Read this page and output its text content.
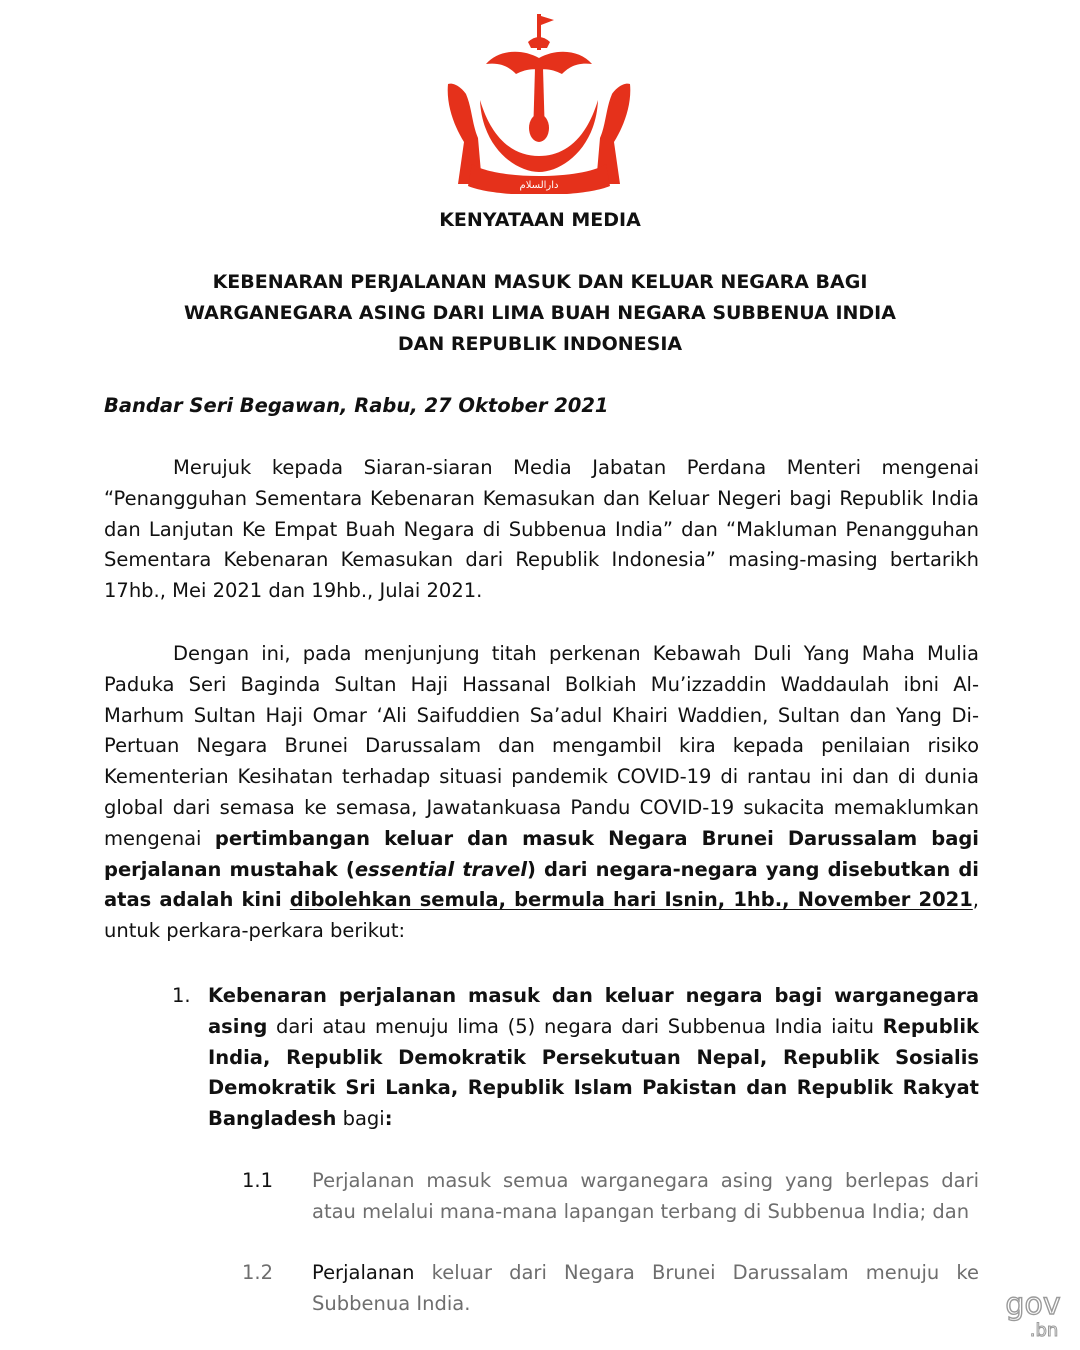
الدولة بروني
دارالسلام
KENYATAAN MEDIA
KEBENARAN PERJALANAN MASUK DAN KELUAR NEGARA BAGI
WARGANEGARA ASING DARI LIMA BUAH NEGARA SUBBENUA INDIA
DAN REPUBLIK INDONESIA
Bandar Seri Begawan, Rabu, 27 Oktober 2021

Merujuk kepada Siaran-siaran Media Jabatan Perdana Menteri mengenai “Penangguhan Sementara Kebenaran Kemasukan dan Keluar Negeri bagi Republik India dan Lanjutan Ke Empat Buah Negara di Subbenua India” dan “Makluman Penangguhan Sementara Kebenaran Kemasukan dari Republik Indonesia” masing-masing bertarikh 17hb., Mei 2021 dan 19hb., Julai 2021.

Dengan ini, pada menjunjung titah perkenan Kebawah Duli Yang Maha Mulia Paduka Seri Baginda Sultan Haji Hassanal Bolkiah Mu’izzaddin Waddaulah ibni Al-Marhum Sultan Haji Omar ‘Ali Saifuddien Sa’adul Khairi Waddien, Sultan dan Yang Di-Pertuan Negara Brunei Darussalam dan mengambil kira kepada penilaian risiko Kementerian Kesihatan terhadap situasi pandemik COVID-19 di rantau ini dan di dunia global dari semasa ke semasa, Jawatankuasa Pandu COVID-19 sukacita memaklumkan mengenai pertimbangan keluar dan masuk Negara Brunei Darussalam bagi perjalanan mustahak (essential travel) dari negara-negara yang disebutkan di atas adalah kini dibolehkan semula, bermula hari Isnin, 1hb., November 2021, untuk perkara-perkara berikut:

1. Kebenaran perjalanan masuk dan keluar negara bagi warganegara asing dari atau menuju lima (5) negara dari Subbenua India iaitu Republik India, Republik Demokratik Persekutuan Nepal, Republik Sosialis Demokratik Sri Lanka, Republik Islam Pakistan dan Republik Rakyat Bangladesh bagi:

1.1 Perjalanan masuk semua warganegara asing yang berlepas dari atau melalui mana-mana lapangan terbang di Subbenua India; dan

1.2 Perjalanan keluar dari Negara Brunei Darussalam menuju ke Subbenua India.	gov
.bn
